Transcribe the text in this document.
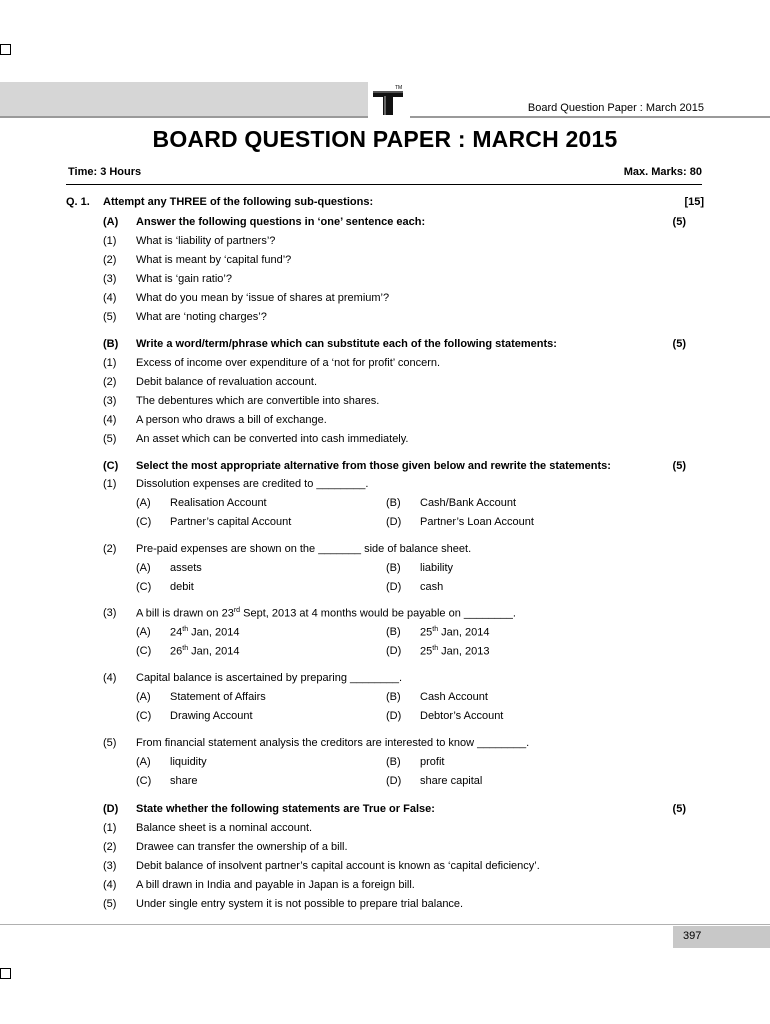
TM
Board Question Paper : March 2015
BOARD QUESTION PAPER : MARCH 2015
Time: 3 Hours	Max. Marks: 80
Q. 1. Attempt any THREE of the following sub-questions:	[15]
(A) Answer the following questions in ‘one’ sentence each:	(5)
(1) What is ‘liability of partners’?
(2) What is meant by ‘capital fund’?
(3) What is ‘gain ratio’?
(4) What do you mean by ‘issue of shares at premium’?
(5) What are ‘noting charges’?
(B) Write a word/term/phrase which can substitute each of the following statements:	(5)
(1) Excess of income over expenditure of a ‘not for profit’ concern.
(2) Debit balance of revaluation account.
(3) The debentures which are convertible into shares.
(4) A person who draws a bill of exchange.
(5) An asset which can be converted into cash immediately.
(C) Select the most appropriate alternative from those given below and rewrite the statements:	(5)
(1) Dissolution expenses are credited to ________.
(A) Realisation Account	(B) Cash/Bank Account
(C) Partner’s capital Account	(D) Partner’s Loan Account
(2) Pre-paid expenses are shown on the _______ side of balance sheet.
(A) assets	(B) liability
(C) debit	(D) cash
(3) A bill is drawn on 23rd Sept, 2013 at 4 months would be payable on ________.
(A) 24th Jan, 2014	(B) 25th Jan, 2014
(C) 26th Jan, 2014	(D) 25th Jan, 2013
(4) Capital balance is ascertained by preparing ________.
(A) Statement of Affairs	(B) Cash Account
(C) Drawing Account	(D) Debtor’s Account
(5) From financial statement analysis the creditors are interested to know ________.
(A) liquidity	(B) profit
(C) share	(D) share capital
(D) State whether the following statements are True or False:	(5)
(1) Balance sheet is a nominal account.
(2) Drawee can transfer the ownership of a bill.
(3) Debit balance of insolvent partner’s capital account is known as ‘capital deficiency’.
(4) A bill drawn in India and payable in Japan is a foreign bill.
(5) Under single entry system it is not possible to prepare trial balance.
397
